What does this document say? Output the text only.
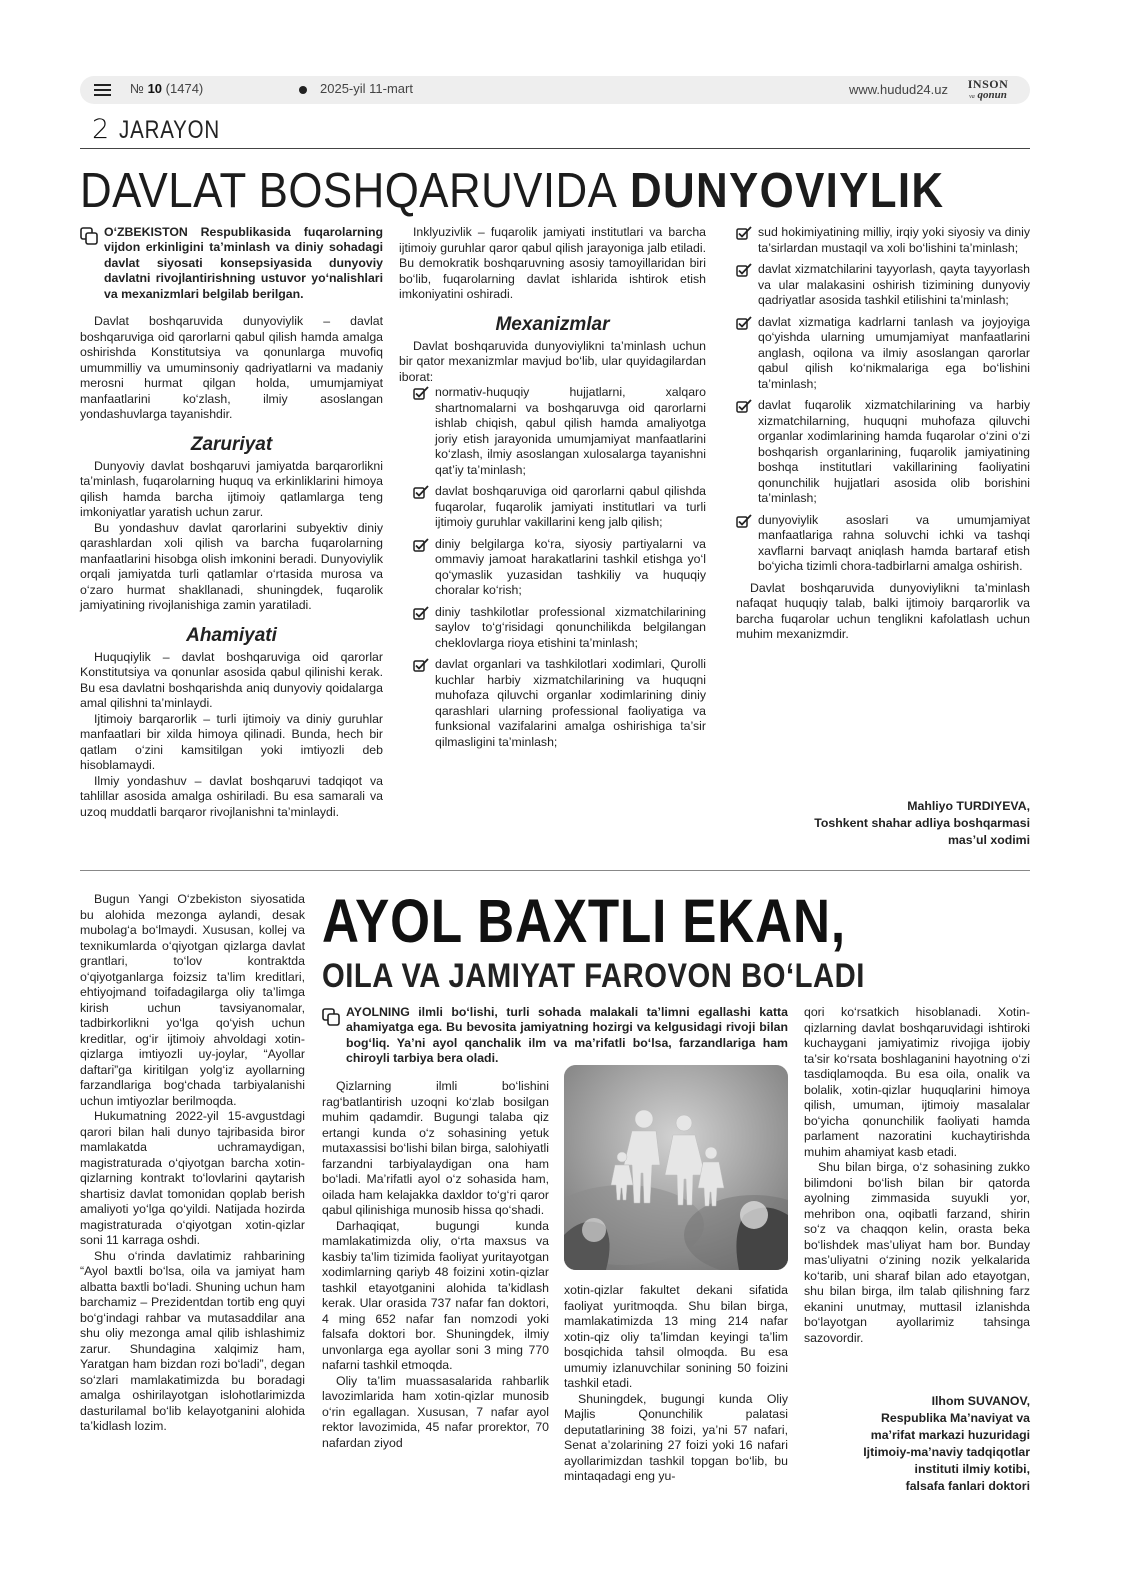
№ 10 (1474)	2025-yil 11-mart	www.hudud24.uz	INSON
va qonun
2 JARAYON
DAVLAT BOSHQARUVIDA DUNYOVIYLIK
O‘ZBEKISTON Respublikasida fuqarolarning vijdon erkinligini ta’minlash va diniy sohadagi davlat siyosati konsepsiyasida dunyoviy davlatni rivojlantirishning ustuvor yo‘nalishlari va mexanizmlari belgilab berilgan.

Davlat boshqaruvida dunyoviylik – davlat boshqaruviga oid qarorlarni qabul qilish hamda amalga oshirishda Konstitutsiya va qonunlarga muvofiq umummilliy va umuminsoniy qadriyatlarni va madaniy merosni hurmat qilgan holda, umumjamiyat manfaatlarini ko‘zlash, ilmiy asoslangan yondashuvlarga tayanishdir.

Zaruriyat

Dunyoviy davlat boshqaruvi jamiyatda barqarorlikni ta’minlash, fuqarolarning huquq va erkinliklarini himoya qilish hamda barcha ijtimoiy qatlamlarga teng imkoniyatlar yaratish uchun zarur.

Bu yondashuv davlat qarorlarini subyektiv diniy qarashlardan xoli qilish va barcha fuqarolarning manfaatlarini hisobga olish imkonini beradi. Dunyoviylik orqali jamiyatda turli qatlamlar o‘rtasida murosa va o‘zaro hurmat shakllanadi, shuningdek, fuqarolik jamiyatining rivojlanishiga zamin yaratiladi.

Ahamiyati

Huquqiylik – davlat boshqaruviga oid qarorlar Konstitutsiya va qonunlar asosida qabul qilinishi kerak. Bu esa davlatni boshqarishda aniq dunyoviy qoidalarga amal qilishni ta’minlaydi.

Ijtimoiy barqarorlik – turli ijtimoiy va diniy guruhlar manfaatlari bir xilda himoya qilinadi. Bunda, hech bir qatlam o‘zini kamsitilgan yoki imtiyozli deb hisoblamaydi.

Ilmiy yondashuv – davlat boshqaruvi tadqiqot va tahlillar asosida amalga oshiriladi. Bu esa samarali va uzoq muddatli barqaror rivojlanishni ta’minlaydi.

Inklyuzivlik – fuqarolik jamiyati institutlari va barcha ijtimoiy guruhlar qaror qabul qilish jarayoniga jalb etiladi. Bu demokratik boshqaruvning asosiy tamoyillaridan biri bo‘lib, fuqarolarning davlat ishlarida ishtirok etish imkoniyatini oshiradi.

Mexanizmlar

Davlat boshqaruvida dunyoviylikni ta’minlash uchun bir qator mexanizmlar mavjud bo‘lib, ular quyidagilardan iborat:

normativ-huquqiy hujjatlarni, xalqaro shartnomalarni va boshqaruvga oid qarorlarni ishlab chiqish, qabul qilish hamda amaliyotga joriy etish jarayonida umumjamiyat manfaatlarini ko‘zlash, ilmiy asoslangan xulosalarga tayanishni qat’iy ta’minlash;
davlat boshqaruviga oid qarorlarni qabul qilishda fuqarolar, fuqarolik jamiyati institutlari va turli ijtimoiy guruhlar vakillarini keng jalb qilish;
diniy belgilarga ko‘ra, siyosiy partiyalarni va ommaviy jamoat harakatlarini tashkil etishga yo‘l qo‘ymaslik yuzasidan tashkiliy va huquqiy choralar ko‘rish;
diniy tashkilotlar professional xizmatchilarining saylov to‘g‘risidagi qonunchilikda belgilangan cheklovlarga rioya etishini ta’minlash;
davlat organlari va tashkilotlari xodimlari, Qurolli kuchlar harbiy xizmatchilarining va huquqni muhofaza qiluvchi organlar xodimlarining diniy qarashlari ularning professional faoliyatiga va funksional vazifalarini amalga oshirishiga ta’sir qilmasligini ta’minlash;
sud hokimiyatining milliy, irqiy yoki siyosiy va diniy ta’sirlardan mustaqil va xoli bo‘lishini ta’minlash;
davlat xizmatchilarini tayyorlash, qayta tayyorlash va ular malakasini oshirish tizimining dunyoviy qadriyatlar asosida tashkil etilishini ta’minlash;
davlat xizmatiga kadrlarni tanlash va joyjoyiga qo‘yishda ularning umumjamiyat manfaatlarini anglash, oqilona va ilmiy asoslangan qarorlar qabul qilish ko‘nikmalariga ega bo‘lishini ta’minlash;
davlat fuqarolik xizmatchilarining va harbiy xizmatchilarning, huquqni muhofaza qiluvchi organlar xodimlarining hamda fuqarolar o‘zini o‘zi boshqarish organlarining, fuqarolik jamiyatining boshqa institutlari vakillarining faoliyatini qonunchilik hujjatlari asosida olib borishini ta’minlash;
dunyoviylik asoslari va umumjamiyat manfaatlariga rahna soluvchi ichki va tashqi xavflarni barvaqt aniqlash hamda bartaraf etish bo‘yicha tizimli chora-tadbirlarni amalga oshirish.

Davlat boshqaruvida dunyoviylikni ta’minlash nafaqat huquqiy talab, balki ijtimoiy barqarorlik va barcha fuqarolar uchun tenglikni kafolatlash uchun muhim mexanizmdir.

Mahliyo TURDIYEVA,
Toshkent shahar adliya boshqarmasi
mas’ul xodimi

Bugun Yangi O‘zbekiston siyosatida bu alohida mezonga aylandi, desak mubolag‘a bo‘lmaydi. Xususan, kollej va texnikumlarda o‘qiyotgan qizlarga davlat grantlari, to‘lov kontraktda o‘qiyotganlarga foizsiz ta’lim kreditlari, ehtiyojmand toifadagilarga oliy ta’limga kirish uchun tavsiyanomalar, tadbirkorlikni yo‘lga qo‘yish uchun kreditlar, og‘ir ijtimoiy ahvoldagi xotin-qizlarga imtiyozli uy-joylar, “Ayollar daftari”ga kiritilgan yolg‘iz ayollarning farzandlariga bog‘chada tarbiyalanishi uchun imtiyozlar berilmoqda.

Hukumatning 2022-yil 15-avgustdagi qarori bilan hali dunyo tajribasida biror mamlakatda uchramaydigan, magistraturada o‘qiyotgan barcha xotin-qizlarning kontrakt to‘lovlarini qaytarish shartisiz davlat tomonidan qoplab berish amaliyoti yo‘lga qo‘yildi. Natijada hozirda magistraturada o‘qiyotgan xotin-qizlar soni 11 karraga oshdi.

Shu o‘rinda davlatimiz rahbarining “Ayol baxtli bo‘lsa, oila va jamiyat ham albatta baxtli bo‘ladi. Shuning uchun ham barchamiz – Prezidentdan tortib eng quyi bo‘g‘indagi rahbar va mutasaddilar ana shu oliy mezonga amal qilib ishlashimiz zarur. Shundagina xalqimiz ham, Yaratgan ham bizdan rozi bo‘ladi”, degan so‘zlari mamlakatimizda bu boradagi amalga oshirilayotgan islohotlarimizda dasturilamal bo‘lib kelayotganini alohida ta’kidlash lozim.

AYOL BAXTLI EKAN,
OILA VA JAMIYAT FAROVON BO‘LADI
AYOLNING ilmli bo‘lishi, turli sohada malakali ta’limni egallashi katta ahamiyatga ega. Bu bevosita jamiyatning hozirgi va kelgusidagi rivoji bilan bog‘liq. Ya’ni ayol qanchalik ilm va ma’rifatli bo‘lsa, farzandlariga ham chiroyli tarbiya bera oladi.

Qizlarning ilmli bo‘lishini rag‘batlantirish uzoqni ko‘zlab bosilgan muhim qadamdir. Bugungi talaba qiz ertangi kunda o‘z sohasining yetuk mutaxassisi bo‘lishi bilan birga, salohiyatli farzandni tarbiyalaydigan ona ham bo‘ladi. Ma’rifatli ayol o‘z sohasida ham, oilada ham kelajakka daxldor to‘g‘ri qaror qabul qilinishiga munosib hissa qo‘shadi.

Darhaqiqat, bugungi kunda mamlakatimizda oliy, o‘rta maxsus va kasbiy ta’lim tizimida faoliyat yuritayotgan xodimlarning qariyb 48 foizini xotin-qizlar tashkil etayotganini alohida ta’kidlash kerak. Ular orasida 737 nafar fan doktori, 4 ming 652 nafar fan nomzodi yoki falsafa doktori bor. Shuningdek, ilmiy unvonlarga ega ayollar soni 3 ming 770 nafarni tashkil etmoqda.

Oliy ta’lim muassasalarida rahbarlik lavozimlarida ham xotin-qizlar munosib o‘rin egallagan. Xususan, 7 nafar ayol rektor lavozimida, 45 nafar prorektor, 70 nafardan ziyod

xotin-qizlar fakultet dekani sifatida faoliyat yuritmoqda. Shu bilan birga, mamlakatimizda 13 ming 214 nafar xotin-qiz oliy ta’limdan keyingi ta’lim bosqichida tahsil olmoqda. Bu esa umumiy izlanuvchilar sonining 50 foizini tashkil etadi.

Shuningdek, bugungi kunda Oliy Majlis Qonunchilik palatasi deputatlarining 38 foizi, ya’ni 57 nafari, Senat a’zolarining 27 foizi yoki 16 nafari ayollarimizdan tashkil topgan bo‘lib, bu mintaqadagi eng yu-

qori ko‘rsatkich hisoblanadi. Xotin-qizlarning davlat boshqaruvidagi ishtiroki kuchaygani jamiyatimiz rivojiga ijobiy ta’sir ko‘rsata boshlaganini hayotning o‘zi tasdiqlamoqda. Bu esa oila, onalik va bolalik, xotin-qizlar huquqlarini himoya qilish, umuman, ijtimoiy masalalar bo‘yicha qonunchilik faoliyati hamda parlament nazoratini kuchaytirishda muhim ahamiyat kasb etadi.

Shu bilan birga, o‘z sohasining zukko bilimdoni bo‘lish bilan bir qatorda ayolning zimmasida suyukli yor, mehribon ona, oqibatli farzand, shirin so‘z va chaqqon kelin, orasta beka bo‘lishdek mas’uliyat ham bor. Bunday mas’uliyatni o‘zining nozik yelkalarida ko‘tarib, uni sharaf bilan ado etayotgan, shu bilan birga, ilm talab qilishning farz ekanini unutmay, muttasil izlanishda bo‘layotgan ayollarimiz tahsinga sazovordir.

Ilhom SUVANOV,
Respublika Ma’naviyat va
ma’rifat markazi huzuridagi
Ijtimoiy-ma’naviy tadqiqotlar
instituti ilmiy kotibi,
falsafa fanlari doktori
